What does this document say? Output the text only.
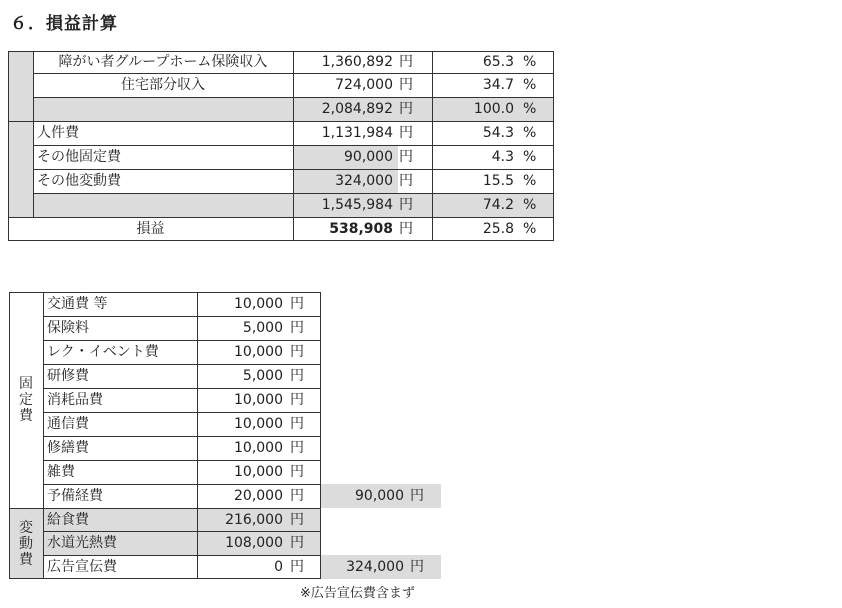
６．損益計算
障がい者グループホーム保険収入	1,360,892 円	65.3 %
住宅部分収入	724,000 円	34.7 %
2,084,892 円	100.0 %
人件費	1,131,984 円	54.3 %
その他固定費	90,000 円	4.3 %
その他変動費	324,000 円	15.5 %
1,545,984 円	74.2 %
損益	538,908 円	25.8 %
固
定
費
変
動
費
交通費 等	10,000 円
保険料	5,000 円
レク・イベント費	10,000 円
研修費	5,000 円
消耗品費	10,000 円
通信費	10,000 円
修繕費	10,000 円
雑費	10,000 円
予備経費	20,000 円	90,000 円
給食費	216,000 円
水道光熱費	108,000 円
広告宣伝費	0 円	324,000 円
※広告宣伝費含まず
